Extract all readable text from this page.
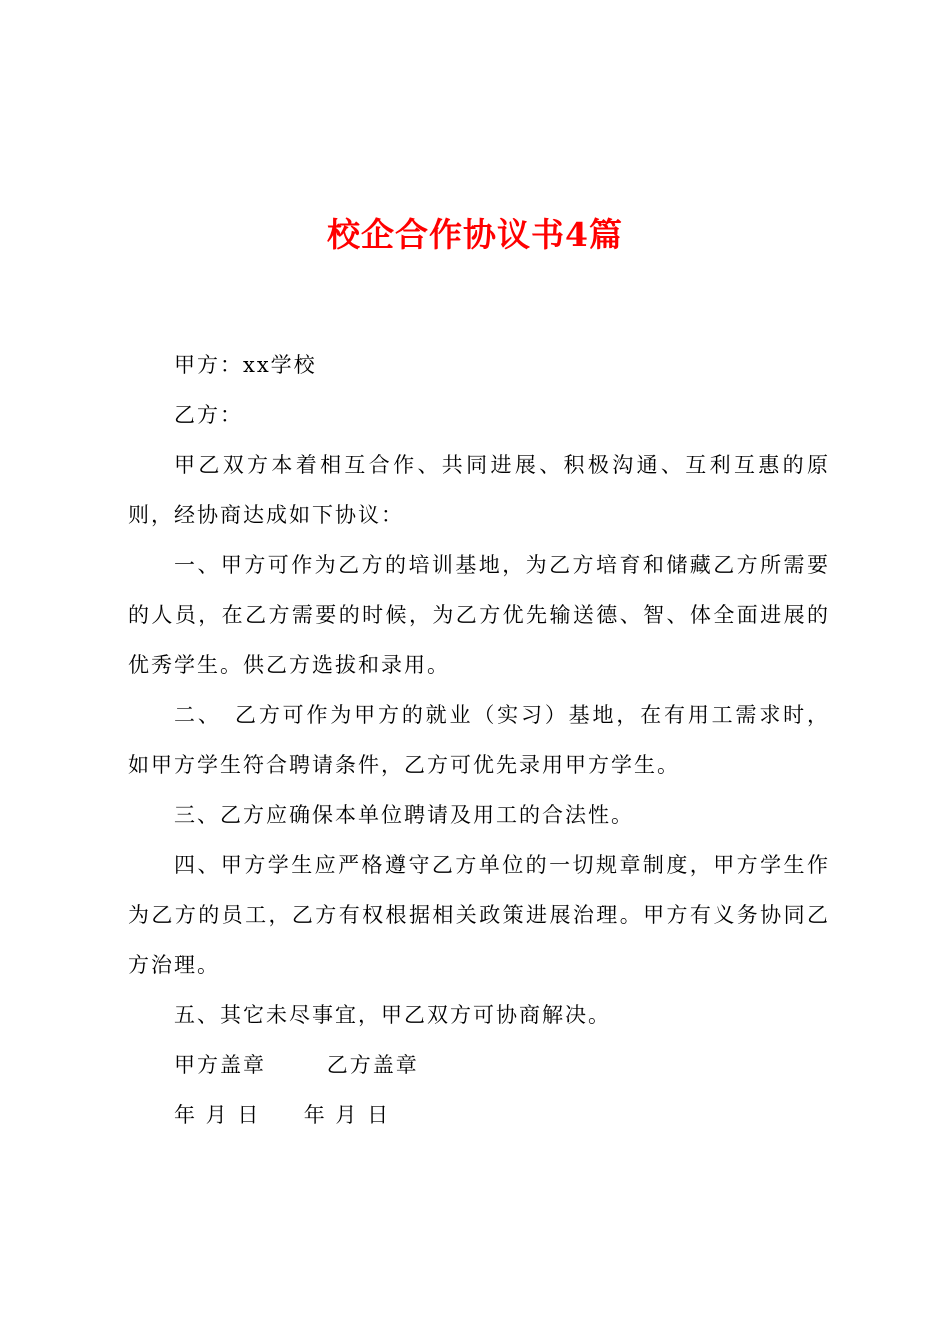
校企合作协议书4篇

甲方：xx学校

乙方：

甲乙双方本着相互合作、共同进展、积极沟通、互利互惠的原则，经协商达成如下协议：

一、甲方可作为乙方的培训基地，为乙方培育和储藏乙方所需要的人员，在乙方需要的时候，为乙方优先输送德、智、体全面进展的优秀学生。供乙方选拔和录用。

二、　乙方可作为甲方的就业（实习）基地，在有用工需求时，如甲方学生符合聘请条件，乙方可优先录用甲方学生。

三、乙方应确保本单位聘请及用工的合法性。

四、甲方学生应严格遵守乙方单位的一切规章制度，甲方学生作为乙方的员工，乙方有权根据相关政策进展治理。甲方有义务协同乙方治理。

五、其它未尽事宜，甲乙双方可协商解决。

甲方盖章	乙方盖章

年 月 日 年 月 日
